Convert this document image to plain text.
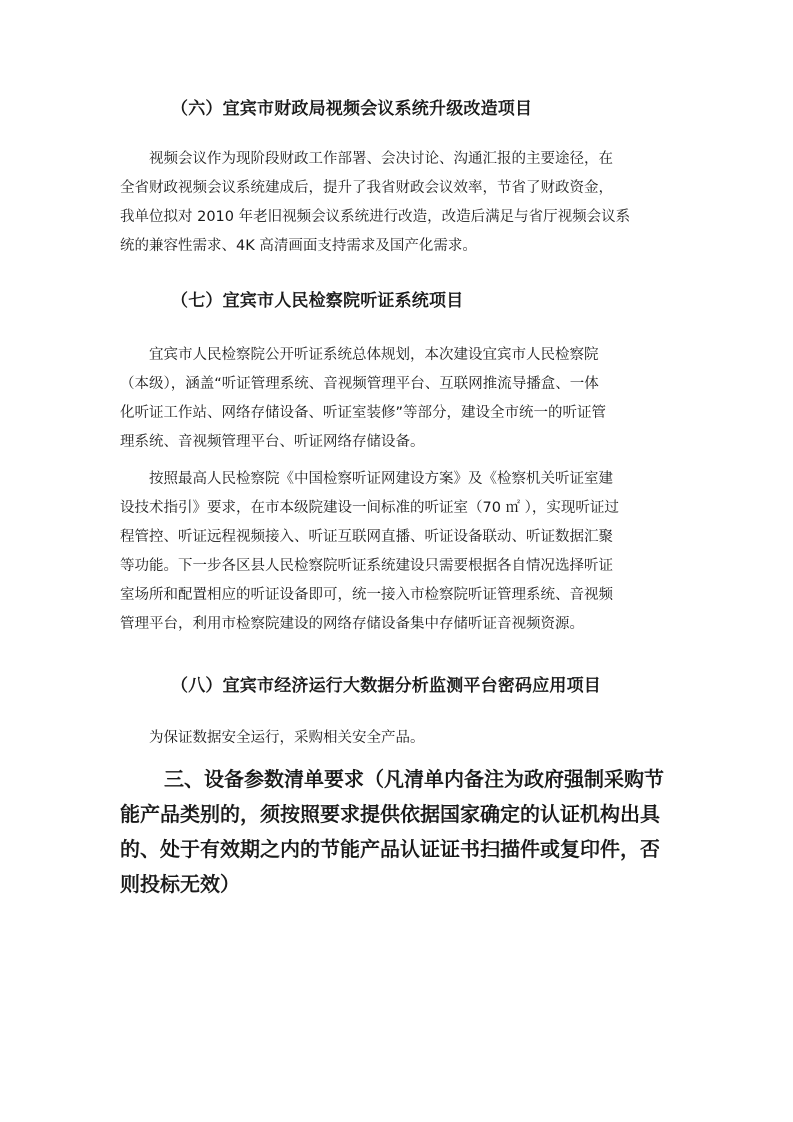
（六）宜宾市财政局视频会议系统升级改造项目
视频会议作为现阶段财政工作部署、会决讨论、沟通汇报的主要途径，在
全省财政视频会议系统建成后，提升了我省财政会议效率，节省了财政资金，
我单位拟对 2010 年老旧视频会议系统进行改造，改造后满足与省厅视频会议系
统的兼容性需求、4K 高清画面支持需求及国产化需求。
（七）宜宾市人民检察院听证系统项目
宜宾市人民检察院公开听证系统总体规划，本次建设宜宾市人民检察院
（本级），涵盖“听证管理系统、音视频管理平台、互联网推流导播盒、一体
化听证工作站、网络存储设备、听证室装修”等部分，建设全市统一的听证管
理系统、音视频管理平台、听证网络存储设备。
按照最高人民检察院《中国检察听证网建设方案》及《检察机关听证室建
设技术指引》要求，在市本级院建设一间标准的听证室（70 ㎡ ），实现听证过
程管控、听证远程视频接入、听证互联网直播、听证设备联动、听证数据汇聚
等功能。下一步各区县人民检察院听证系统建设只需要根据各自情况选择听证
室场所和配置相应的听证设备即可，统一接入市检察院听证管理系统、音视频
管理平台，利用市检察院建设的网络存储设备集中存储听证音视频资源。
（八）宜宾市经济运行大数据分析监测平台密码应用项目
为保证数据安全运行，采购相关安全产品。
三、设备参数清单要求（凡清单内备注为政府强制采购节
能产品类别的，须按照要求提供依据国家确定的认证机构出具
的、处于有效期之内的节能产品认证证书扫描件或复印件，否
则投标无效）
